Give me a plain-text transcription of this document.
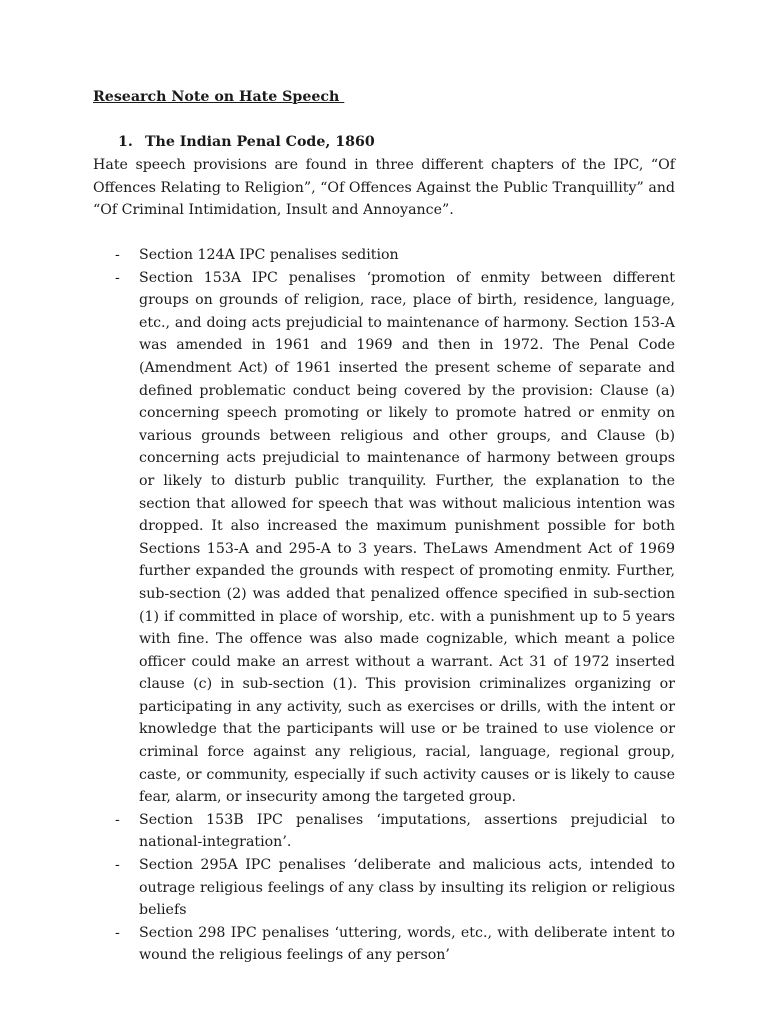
Research Note on Hate Speech
1. The Indian Penal Code, 1860

Hate speech provisions are found in three different chapters of the IPC, “Of Offences Relating to Religion”, “Of Offences Against the Public Tranquillity” and “Of Criminal Intimidation, Insult and Annoyance”.

- Section 124A IPC penalises sedition
- Section 153A IPC penalises ‘promotion of enmity between different groups on grounds of religion, race, place of birth, residence, language, etc., and doing acts prejudicial to maintenance of harmony. Section 153-A was amended in 1961 and 1969 and then in 1972. The Penal Code (Amendment Act) of 1961 inserted the present scheme of separate and defined problematic conduct being covered by the provision: Clause (a) concerning speech promoting or likely to promote hatred or enmity on various grounds between religious and other groups, and Clause (b) concerning acts prejudicial to maintenance of harmony between groups or likely to disturb public tranquility. Further, the explanation to the section that allowed for speech that was without malicious intention was dropped. It also increased the maximum punishment possible for both Sections 153-A and 295-A to 3 years. TheLaws Amendment Act of 1969 further expanded the grounds with respect of promoting enmity. Further, sub-section (2) was added that penalized offence specified in sub-section (1) if committed in place of worship, etc. with a punishment up to 5 years with fine. The offence was also made cognizable, which meant a police officer could make an arrest without a warrant. Act 31 of 1972 inserted clause (c) in sub-section (1). This provision criminalizes organizing or participating in any activity, such as exercises or drills, with the intent or knowledge that the participants will use or be trained to use violence or criminal force against any religious, racial, language, regional group, caste, or community, especially if such activity causes or is likely to cause fear, alarm, or insecurity among the targeted group.
- Section 153B IPC penalises ‘imputations, assertions prejudicial to national-integration’.
- Section 295A IPC penalises ‘deliberate and malicious acts, intended to outrage religious feelings of any class by insulting its religion or religious beliefs
- Section 298 IPC penalises ‘uttering, words, etc., with deliberate intent to wound the religious feelings of any person’
